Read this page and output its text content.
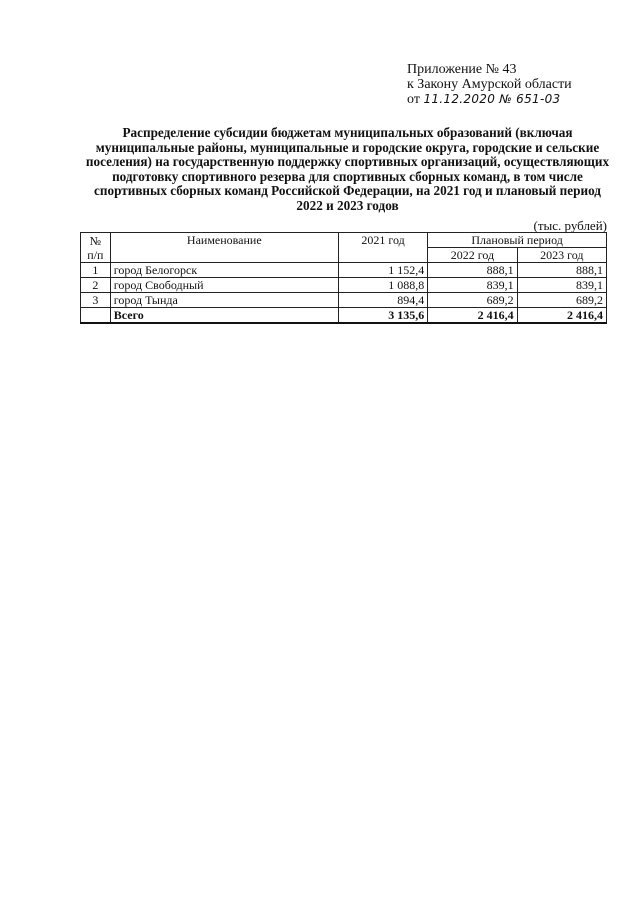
Приложение № 43
к Закону Амурской области
от 11.12.2020 № 651-03
Распределение субсидии бюджетам муниципальных образований (включая муниципальные районы, муниципальные и городские округа, городские и сельские поселения) на государственную поддержку спортивных организаций, осуществляющих подготовку спортивного резерва для спортивных сборных команд, в том числе спортивных сборных команд Российской Федерации, на 2021 год и плановый период 2022 и 2023 годов
(тыс. рублей)
№ п/п	Наименование	2021 год	Плановый период	
			2022 год	2023 год
1	город Белогорск	1 152,4	888,1	888,1
2	город Свободный	1 088,8	839,1	839,1
3	город Тында	894,4	689,2	689,2
	Всего	3 135,6	2 416,4	2 416,4
